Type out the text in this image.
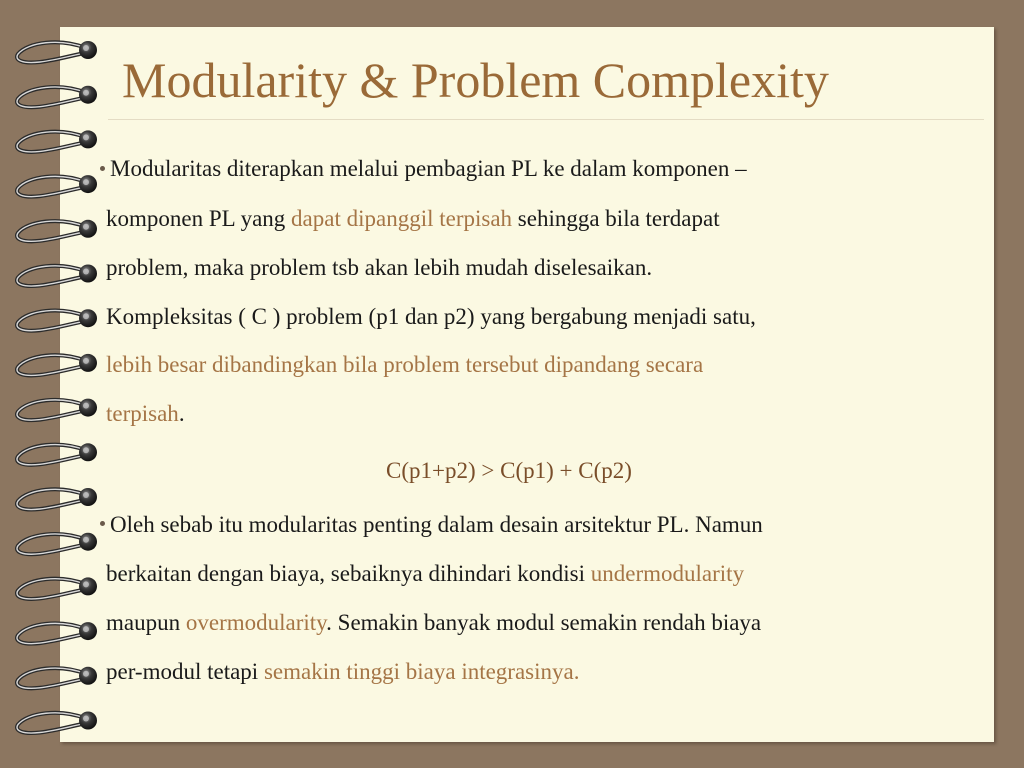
Modularity & Problem Complexity
Modularitas diterapkan melalui pembagian PL ke dalam komponen –
komponen PL yang dapat dipanggil terpisah sehingga bila terdapat
problem, maka problem tsb akan lebih mudah diselesaikan.
Kompleksitas ( C ) problem (p1 dan p2) yang bergabung menjadi satu,
lebih besar dibandingkan bila problem tersebut dipandang secara
terpisah.
C(p1+p2) > C(p1) + C(p2)
Oleh sebab itu modularitas penting dalam desain arsitektur PL. Namun
berkaitan dengan biaya, sebaiknya dihindari kondisi undermodularity
maupun overmodularity. Semakin banyak modul semakin rendah biaya
per-modul tetapi semakin tinggi biaya integrasinya.
